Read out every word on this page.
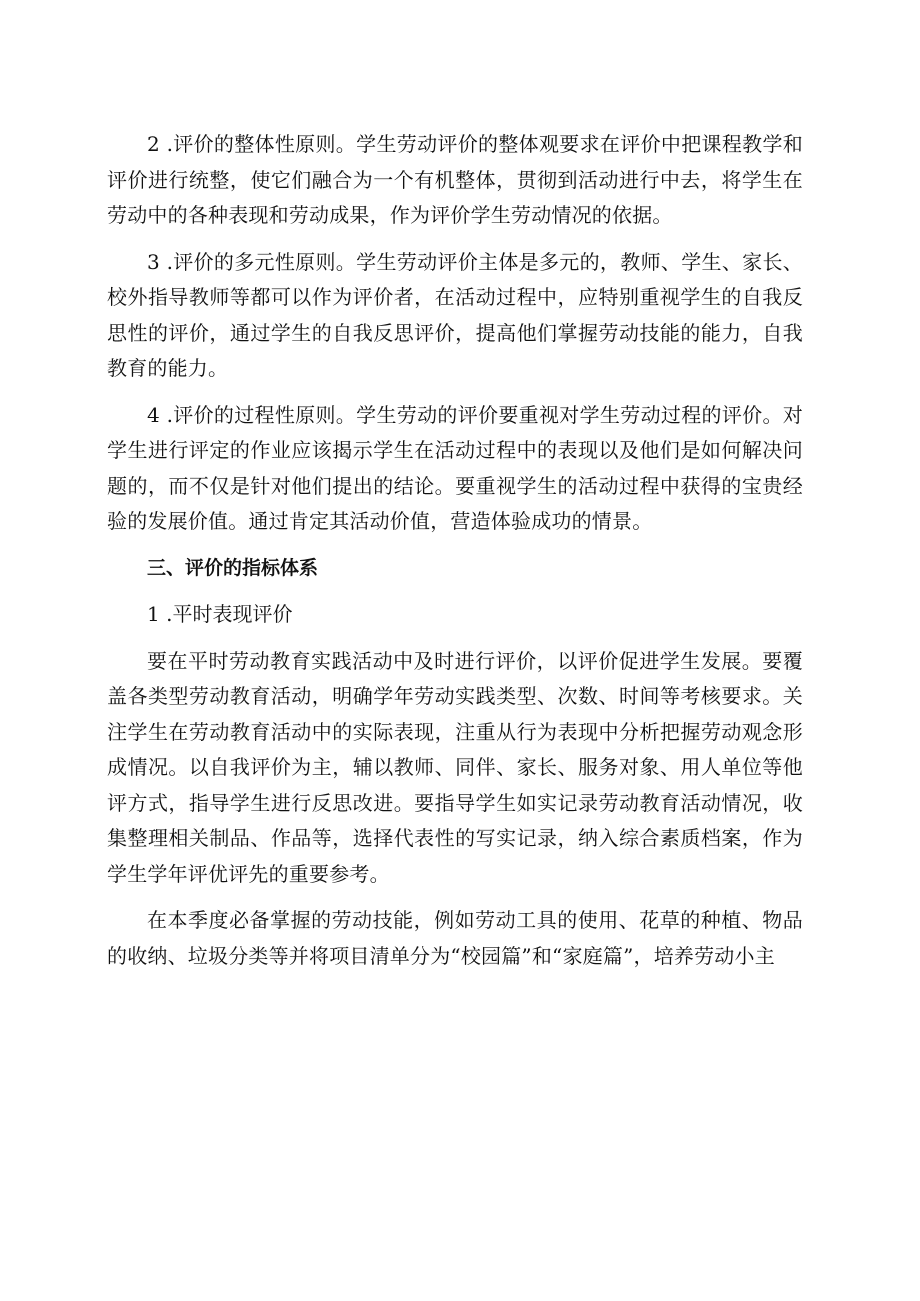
2 .评价的整体性原则。学生劳动评价的整体观要求在评价中把课程教学和评价进行统整，使它们融合为一个有机整体，贯彻到活动进行中去，将学生在劳动中的各种表现和劳动成果，作为评价学生劳动情况的依据。

3 .评价的多元性原则。学生劳动评价主体是多元的，教师、学生、家长、校外指导教师等都可以作为评价者，在活动过程中，应特别重视学生的自我反思性的评价，通过学生的自我反思评价，提高他们掌握劳动技能的能力，自我教育的能力。

4 .评价的过程性原则。学生劳动的评价要重视对学生劳动过程的评价。对学生进行评定的作业应该揭示学生在活动过程中的表现以及他们是如何解决问题的，而不仅是针对他们提出的结论。要重视学生的活动过程中获得的宝贵经验的发展价值。通过肯定其活动价值，营造体验成功的情景。

三、评价的指标体系

1 .平时表现评价

要在平时劳动教育实践活动中及时进行评价，以评价促进学生发展。要覆盖各类型劳动教育活动，明确学年劳动实践类型、次数、时间等考核要求。关注学生在劳动教育活动中的实际表现，注重从行为表现中分析把握劳动观念形成情况。以自我评价为主，辅以教师、同伴、家长、服务对象、用人单位等他评方式，指导学生进行反思改进。要指导学生如实记录劳动教育活动情况，收集整理相关制品、作品等，选择代表性的写实记录，纳入综合素质档案，作为学生学年评优评先的重要参考。

在本季度必备掌握的劳动技能，例如劳动工具的使用、花草的种植、物品的收纳、垃圾分类等并将项目清单分为“校园篇”和“家庭篇”，培养劳动小主
